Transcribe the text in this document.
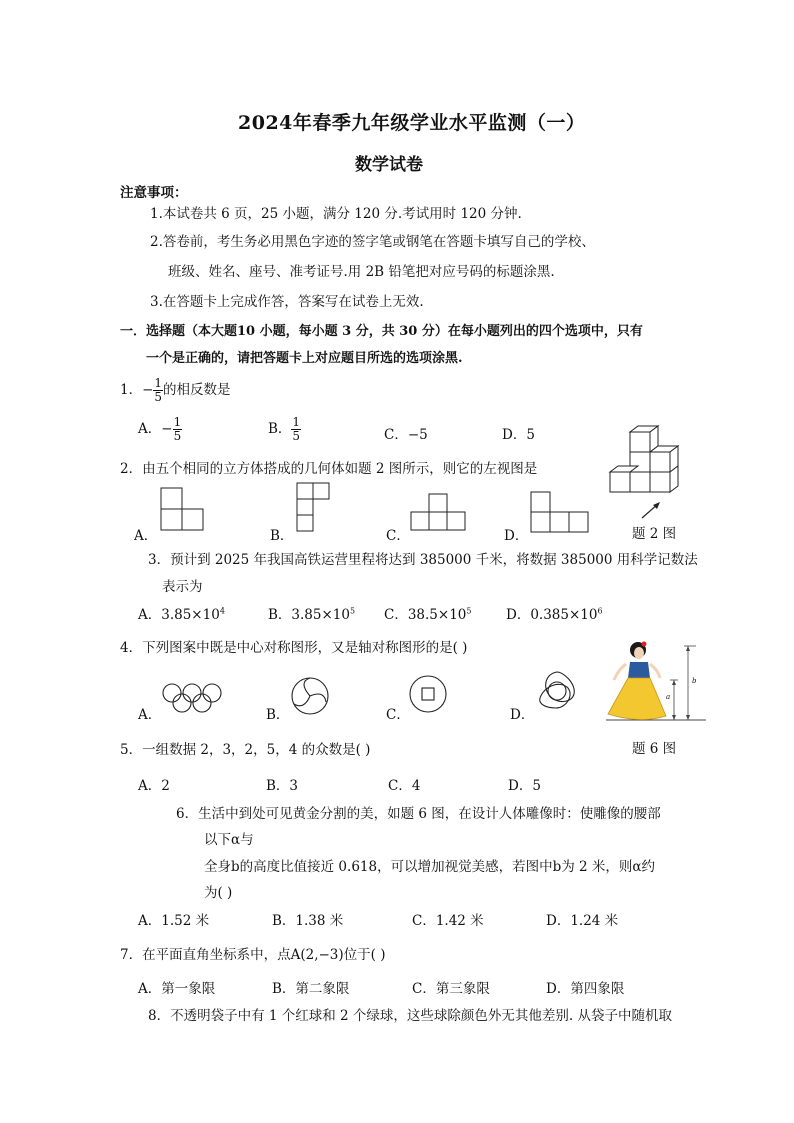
2024年春季九年级学业水平监测（一）
数学试卷
注意事项：
1.本试卷共 6 页，25 小题，满分 120 分.考试用时 120 分钟.
2.答卷前，考生务必用黑色字迹的签字笔或钢笔在答题卡填写自己的学校、
班级、姓名、座号、准考证号.用 2B 铅笔把对应号码的标题涂黑.
3.在答题卡上完成作答，答案写在试卷上无效.
一．选择题（本大题10 小题，每小题 3 分，共 30 分）在每小题列出的四个选项中，只有
一个是正确的，请把答题卡上对应题目所选的选项涂黑.
1．− $\frac{1}{5}$ 的相反数是
A．− $\frac{1}{5}$	B． $\frac{1}{5}$	C．−5	D．5
2．由五个相同的立方体搭成的几何体如题 2 图所示，则它的左视图是
题 2 图
A．	B．	C．	D．
3．预计到 2025 年我国高铁运营里程将达到 385000 千米，将数据 385000 用科学记数法
表示为
A．$3.85\times 10^4$	B．$3.85\times 10^5$ C．$38.5\times 10^5$	D．$0.385\times 10^6$
4．下列图案中既是中心对称图形，又是轴对称图形的是( )
A．	B．	C．	D．
a
b
题 6 图
5．一组数据 2，3，2，5，4 的众数是( )
A．2	B．3	C．4	D．5
6．生活中到处可见黄金分割的美，如题 6 图，在设计人体雕像时：使雕像的腰部
以下α与
全身b的高度比值接近 0.618，可以增加视觉美感，若图中b为 2 米，则α约
为( )
A．1.52 米	B．1.38 米	C．1.42 米	D．1.24 米
7．在平面直角坐标系中，点A(2,−3)位于( )
A．第一象限	B．第二象限	C．第三象限	D．第四象限
8．不透明袋子中有 1 个红球和 2 个绿球，这些球除颜色外无其他差别. 从袋子中随机取
